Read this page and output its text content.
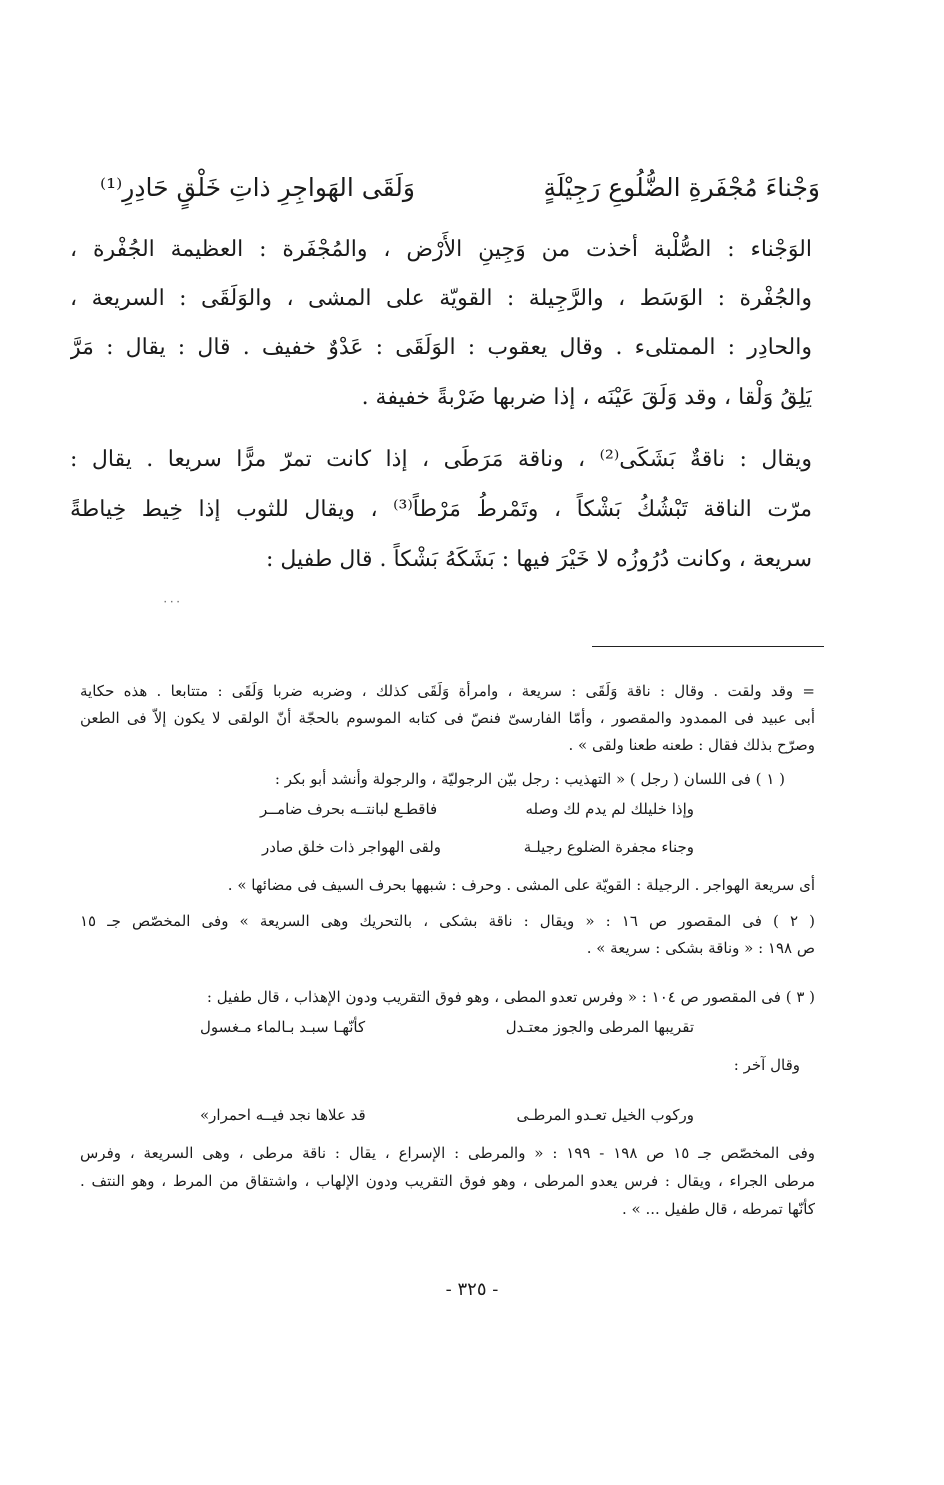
وَجْناءَ مُجْفَرةِ الضُّلُوعِ رَجِيْلَةٍ
وَلَقَى الهَواجِرِ ذاتِ خَلْقٍ حَادِرِ⁽¹⁾
الوَجْناء : الصُّلْبة أخذت من وَجِينِ الأَرْض ، والمُجْفَرة : العظيمة الجُفْرة ،
والجُفْرة : الوَسَط ، والرَّجِيلة : القويّة على المشى ، والوَلَقَى : السريعة ،
والحادِر : الممتلىء . وقال يعقوب : الوَلَقَى : عَدْوٌ خفيف . قال : يقال : مَرَّ
يَلِقُ وَلْقا ، وقد وَلَقَ عَيْنَه ، إذا ضربها ضَرْبةً خفيفة .
ويقال : ناقةٌ بَشَكَى⁽²⁾ ، وناقة مَرَطَى ، إذا كانت تمرّ مرًّا سريعا . يقال :
مرّت الناقة تَبْشُكُ بَشْكاً ، وتَمْرطُ مَرْطاً⁽³⁾ ، ويقال للثوب إذا خِيط خِياطةً
سريعة ، وكانت دُرُوزُه لا خَيْرَ فيها : بَشَكَهُ بَشْكاً . قال طفيل :
٠٠٠
= وقد ولقت . وقال : ناقة وَلَقَى : سريعة ، وامرأة وَلَقَى كذلك ، وضربه ضربا وَلَقَى : متتابعا . هذه حكاية
أبى عبيد فى الممدود والمقصور ، وأمّا الفارسىّ فنصّ فى كتابه الموسوم بالحجّة أنّ الولقى لا يكون إلاّ فى الطعن
وصرّح بذلك فقال : طعنه طعنا ولقى » .
( ١ ) فى اللسان ( رجل ) « التهذيب : رجل بيّن الرجوليّة ، والرجولة وأنشد أبو بكر :
وإذا خليلك لم يدم لك وصله
فاقطـع لبانتــه بحرف ضامــر
وجناء مجفرة الضلوع رجيلـة
ولقى الهواجر ذات خلق صادر
أى سريعة الهواجر . الرجيلة : القويّة على المشى . وحرف : شبهها بحرف السيف فى مضائها » .
( ٢ ) فى المقصور ص ١٦ : « ويقال : ناقة بشكى ، بالتحريك وهى السريعة » وفى المخصّص جـ ١٥
ص ١٩٨ : « وناقة بشكى : سريعة » .
( ٣ ) فى المقصور ص ١٠٤ : « وفرس تعدو المطى ، وهو فوق التقريب ودون الإهذاب ، قال طفيل :
تقريبها المرطى والجوز معتـدل
كأنّهـا سبـد بـالماء مـغسول
وقال آخر :
وركوب الخيل تعـدو المرطـى
قد علاها نجد فيــه احمرار»
وفى المخصّص جـ ١٥ ص ١٩٨ - ١٩٩ : « والمرطى : الإسراع ، يقال : ناقة مرطى ، وهى السريعة ، وفرس
مرطى الجراء ، ويقال : فرس يعدو المرطى ، وهو فوق التقريب ودون الإلهاب ، واشتقاق من المرط ، وهو النتف .
كأنّها تمرطه ، قال طفيل ... » .
- ٣٢٥ -
